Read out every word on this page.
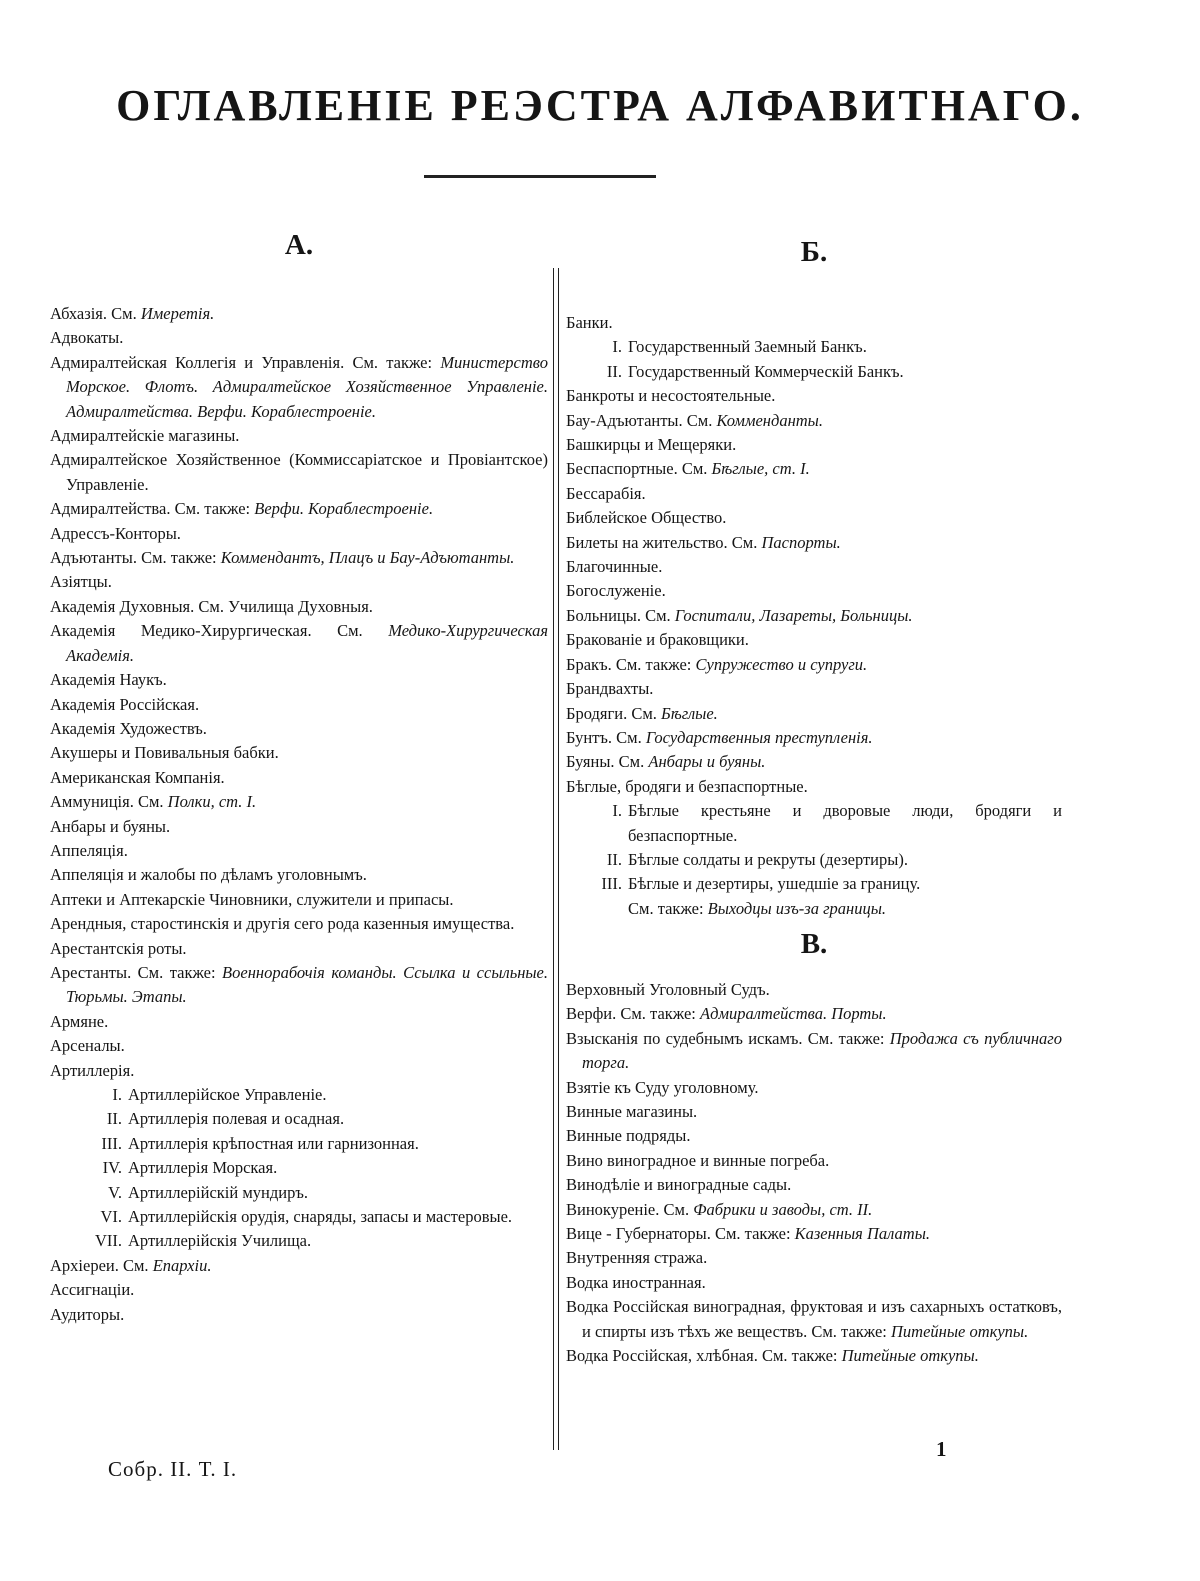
ОГЛАВЛЕНІЕ РЕЭСТРА АЛФАВИТНАГО.
А.
Абхазія. См. Имеретія.
Адвокаты.
Адмиралтейская Коллегія и Управленія. См. также: Министерство Морское. Флотъ. Адмиралтейское Хозяйственное Управленіе. Адмиралтейства. Верфи. Кораблестроеніе.
Адмиралтейскіе магазины.
Адмиралтейское Хозяйственное (Коммиссаріатское и Провіантское) Управленіе.
Адмиралтейства. См. также: Верфи. Кораблестроеніе.
Адрессъ-Конторы.
Адъютанты. См. также: Коммендантъ, Плацъ и Бау-Адъютанты.
Азіятцы.
Академія Духовныя. См. Училища Духовныя.
Академія Медико-Хирургическая. См. Медико-Хирургическая Академія.
Академія Наукъ.
Академія Россійская.
Академія Художествъ.
Акушеры и Повивальныя бабки.
Американская Компанія.
Аммуниція. См. Полки, ст. I.
Анбары и буяны.
Аппеляція.
Аппеляція и жалобы по дѣламъ уголовнымъ.
Аптеки и Аптекарскіе Чиновники, служители и припасы.
Арендныя, старостинскія и другія сего рода казенныя имущества.
Арестантскія роты.
Арестанты. См. также: Военнорабочія команды. Ссылка и ссыльные. Тюрьмы. Этапы.
Армяне.
Арсеналы.
Артиллерія.
I. Артиллерійское Управленіе.
II. Артиллерія полевая и осадная.
III. Артиллерія крѣпостная или гарнизонная.
IV. Артиллерія Морская.
V. Артиллерійскій мундиръ.
VI. Артиллерійскія орудія, снаряды, запасы и мастеровые.
VII. Артиллерійскія Училища.
Архіереи. См. Епархіи.
Ассигнаціи.
Аудиторы.
Б.
Банки.
I. Государственный Заемный Банкъ.
II. Государственный Коммерческій Банкъ.
Банкроты и несостоятельные.
Бау-Адъютанты. См. Комменданты.
Башкирцы и Мещеряки.
Беспаспортные. См. Бѣглые, ст. I.
Бессарабія.
Библейское Общество.
Билеты на жительство. См. Паспорты.
Благочинные.
Богослуженіе.
Больницы. См. Госпитали, Лазареты, Больницы.
Бракованіе и браковщики.
Бракъ. См. также: Супружество и супруги.
Брандвахты.
Бродяги. См. Бѣглые.
Бунтъ. См. Государственныя преступленія.
Буяны. См. Анбары и буяны.
Бѣглые, бродяги и безпаспортные.
I. Бѣглые крестьяне и дворовые люди, бродяги и безпаспортные.
II. Бѣглые солдаты и рекруты (дезертиры).
III. Бѣглые и дезертиры, ушедшіе за границу.
См. также: Выходцы изъ-за границы.
В.
Верховный Уголовный Судъ.
Верфи. См. также: Адмиралтейства. Порты.
Взысканія по судебнымъ искамъ. См. также: Продажа съ публичнаго торга.
Взятіе къ Суду уголовному.
Винные магазины.
Винные подряды.
Вино виноградное и винные погреба.
Винодѣліе и виноградные сады.
Винокуреніе. См. Фабрики и заводы, ст. II.
Вице - Губернаторы. См. также: Казенныя Палаты.
Внутренняя стража.
Водка иностранная.
Водка Россійская виноградная, фруктовая и изъ сахарныхъ остатковъ, и спирты изъ тѣхъ же веществъ. См. также: Питейные откупы.
Водка Россійская, хлѣбная. См. также: Питейные откупы.
Собр. II. Т. I.
1
